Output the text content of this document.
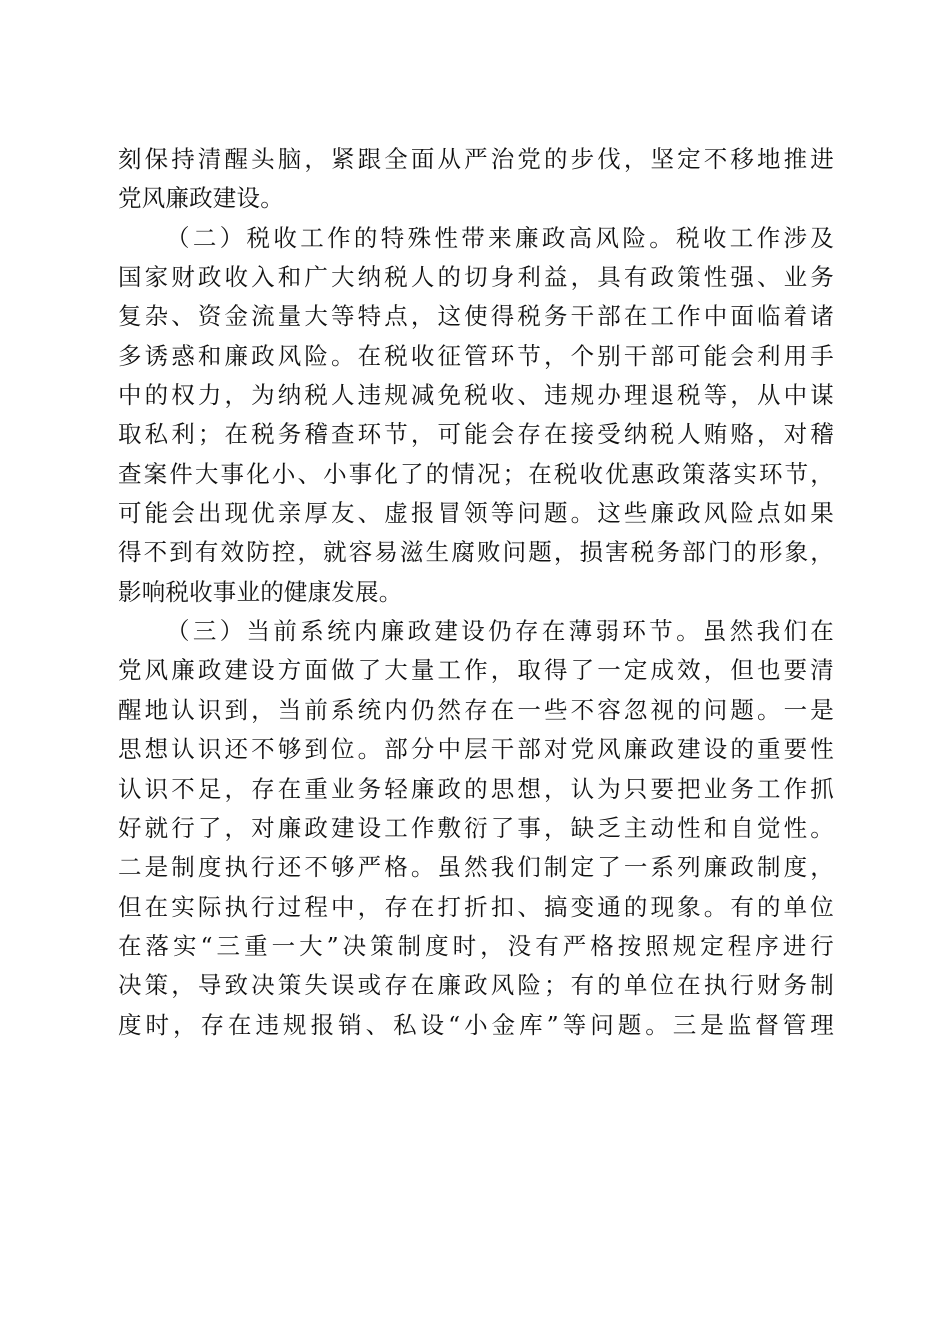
刻保持清醒头脑，紧跟全面从严治党的步伐，坚定不移地推进
党风廉政建设。
（二）税收工作的特殊性带来廉政高风险。税收工作涉及
国家财政收入和广大纳税人的切身利益，具有政策性强、业务
复杂、资金流量大等特点，这使得税务干部在工作中面临着诸
多诱惑和廉政风险。在税收征管环节，个别干部可能会利用手
中的权力，为纳税人违规减免税收、违规办理退税等，从中谋
取私利；在税务稽查环节，可能会存在接受纳税人贿赂，对稽
查案件大事化小、小事化了的情况；在税收优惠政策落实环节，
可能会出现优亲厚友、虚报冒领等问题。这些廉政风险点如果
得不到有效防控，就容易滋生腐败问题，损害税务部门的形象，
影响税收事业的健康发展。
（三）当前系统内廉政建设仍存在薄弱环节。虽然我们在
党风廉政建设方面做了大量工作，取得了一定成效，但也要清
醒地认识到，当前系统内仍然存在一些不容忽视的问题。一是
思想认识还不够到位。部分中层干部对党风廉政建设的重要性
认识不足，存在重业务轻廉政的思想，认为只要把业务工作抓
好就行了，对廉政建设工作敷衍了事，缺乏主动性和自觉性。
二是制度执行还不够严格。虽然我们制定了一系列廉政制度，
但在实际执行过程中，存在打折扣、搞变通的现象。有的单位
在落实“三重一大”决策制度时，没有严格按照规定程序进行
决策，导致决策失误或存在廉政风险；有的单位在执行财务制
度时，存在违规报销、私设“小金库”等问题。三是监督管理
